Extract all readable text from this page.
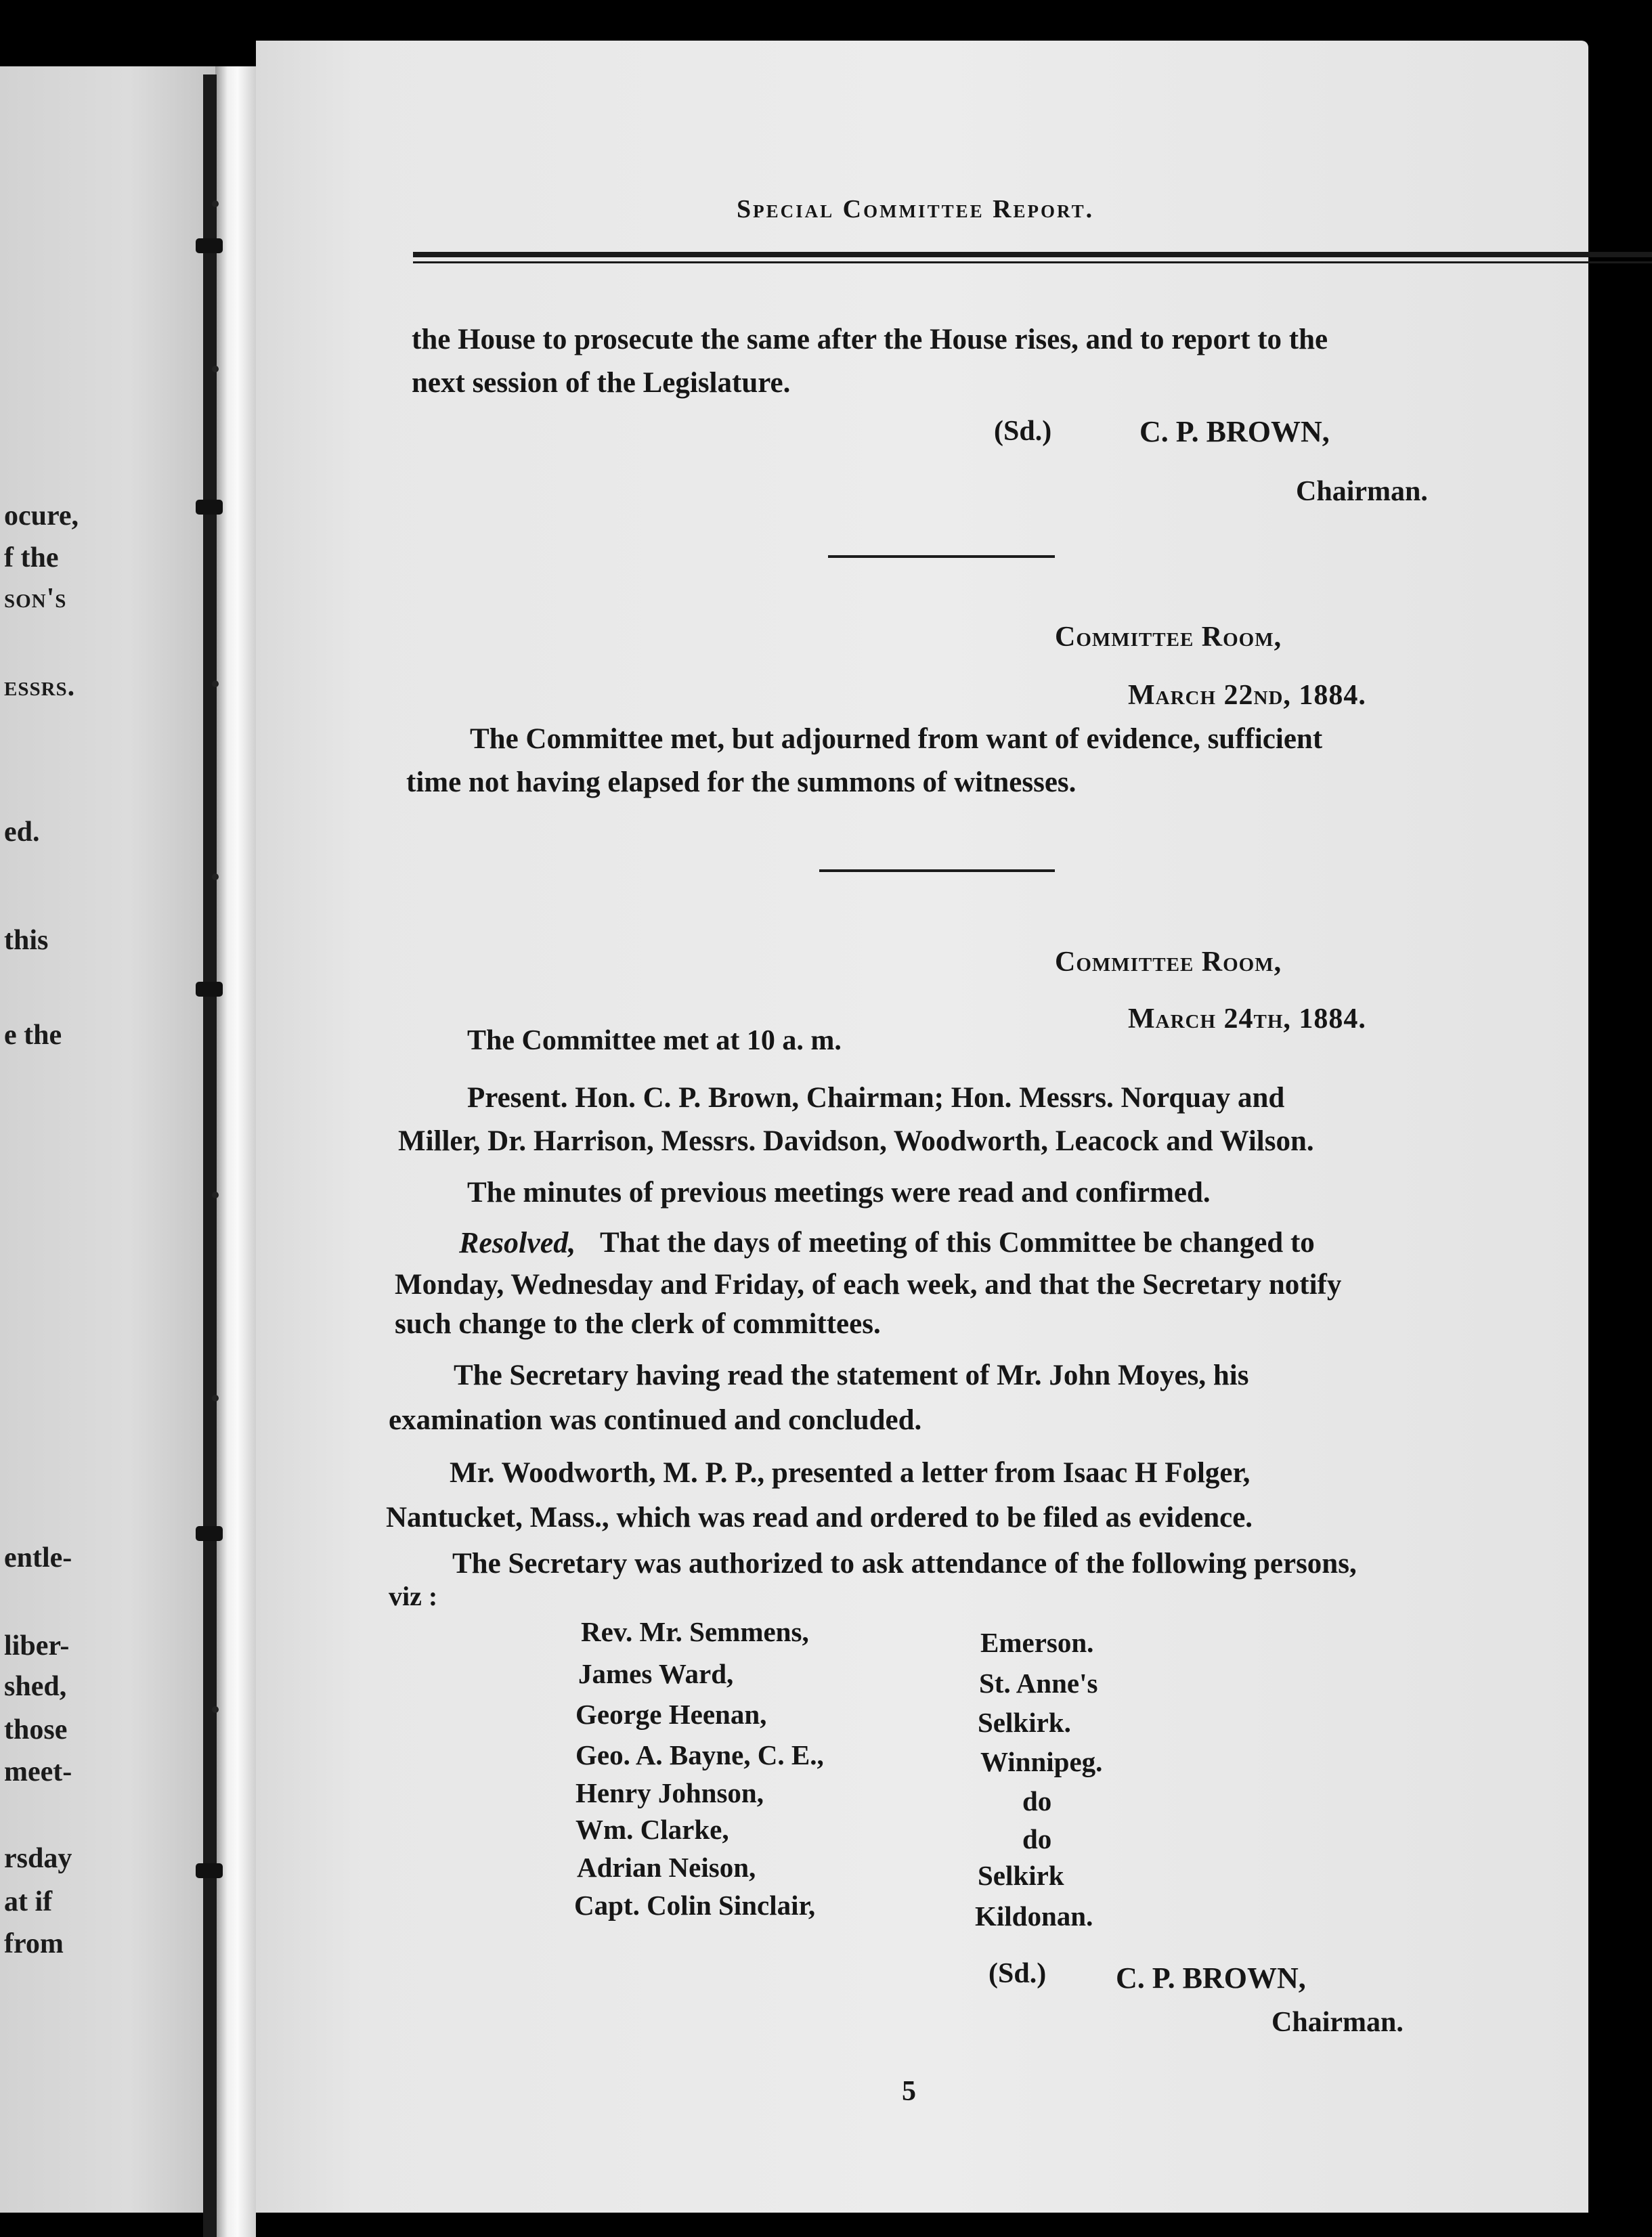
ocure,
f the
son's
essrs.
ed.
this
e the
entle-
liber-
shed,
those
meet-
rsday
at if
from
Special Committee Report.
the House to prosecute the same after the House rises, and to report to the
next session of the Legislature.
(Sd.)	C. P. BROWN,
Chairman.
Committee Room,
March 22nd, 1884.
The Committee met, but adjourned from want of evidence, sufficient
time not having elapsed for the summons of witnesses.
Committee Room,
March 24th, 1884.
The Committee met at 10 a. m.
Present. Hon. C. P. Brown, Chairman; Hon. Messrs. Norquay and
Miller, Dr. Harrison, Messrs. Davidson, Woodworth, Leacock and Wilson.
The minutes of previous meetings were read and confirmed.
Resolved, That the days of meeting of this Committee be changed to
Monday, Wednesday and Friday, of each week, and that the Secretary notify
such change to the clerk of committees.
The Secretary having read the statement of Mr. John Moyes, his
examination was continued and concluded.
Mr. Woodworth, M. P. P., presented a letter from Isaac H Folger,
Nantucket, Mass., which was read and ordered to be filed as evidence.
The Secretary was authorized to ask attendance of the following persons,
viz :
Rev. Mr. Semmens,	Emerson.
James Ward,	St. Anne's
George Heenan,	Selkirk.
Geo. A. Bayne, C. E.,	Winnipeg.
Henry Johnson,	do
Wm. Clarke,	do
Adrian Neison,	Selkirk
Capt. Colin Sinclair,	Kildonan.
(Sd.) C. P. BROWN,
Chairman.
5
